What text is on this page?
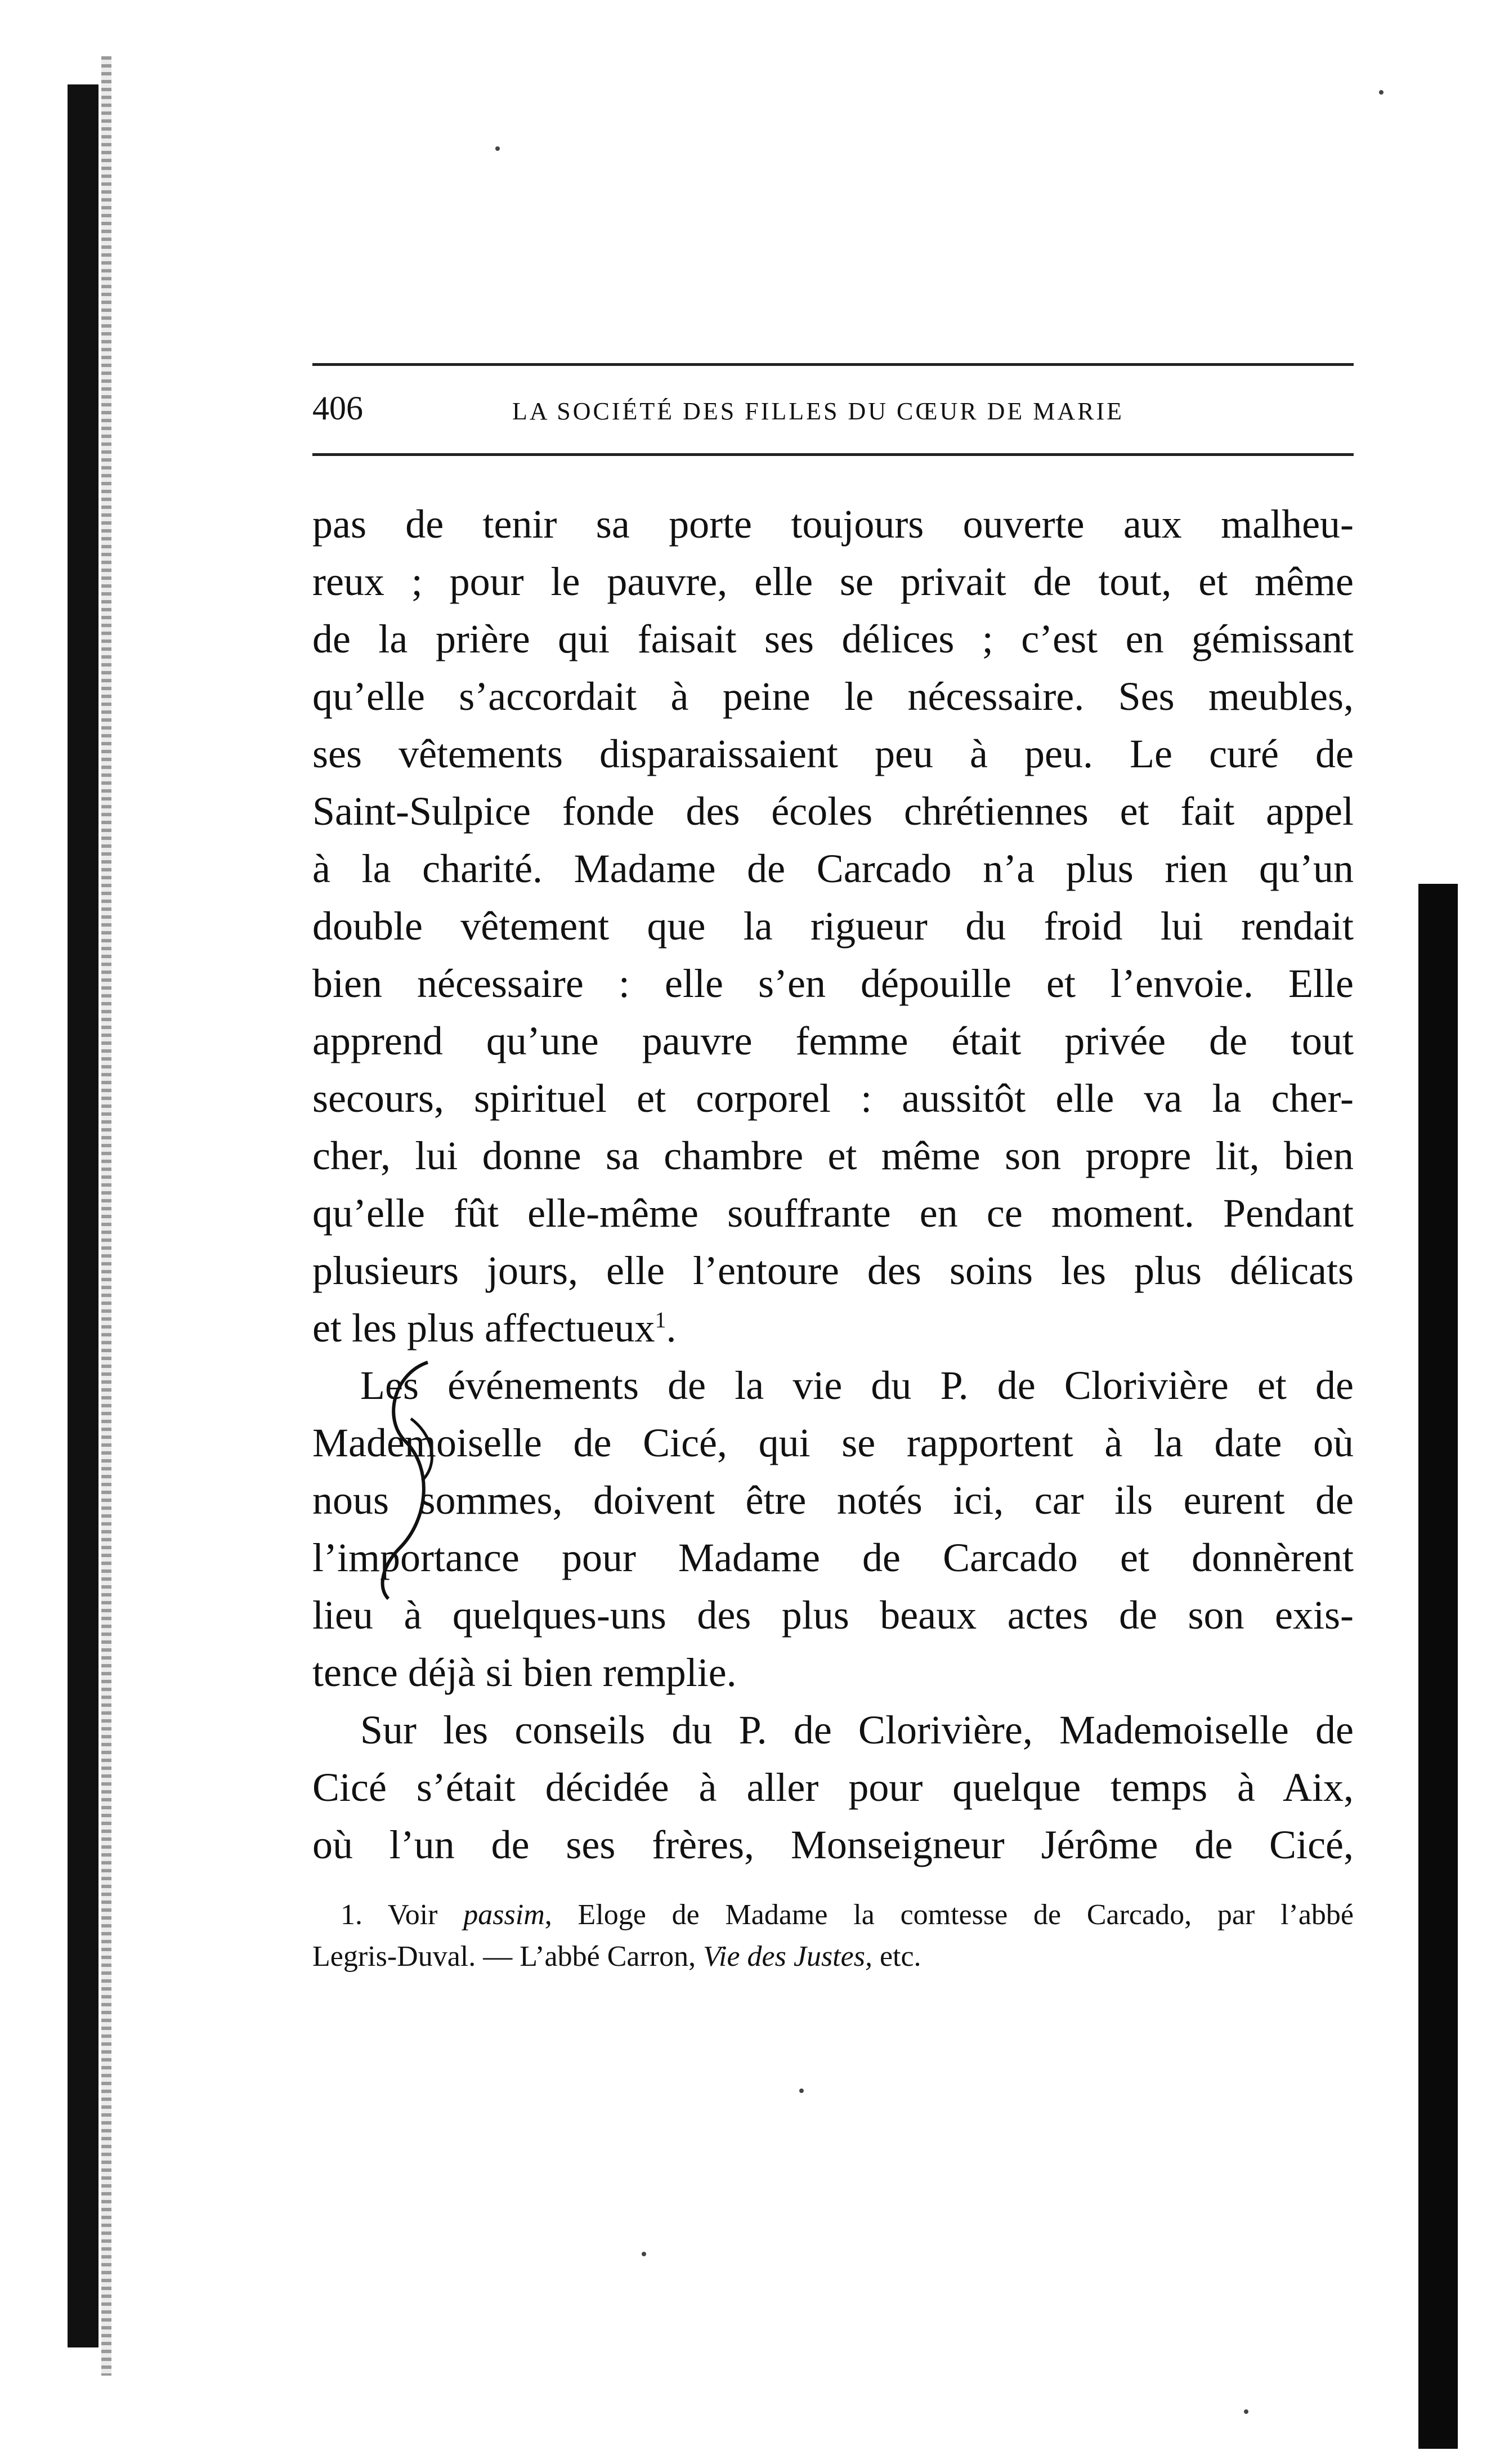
406	LA SOCIÉTÉ DES FILLES DU CŒUR DE MARIE
pas de tenir sa porte toujours ouverte aux malheu-
reux ; pour le pauvre, elle se privait de tout, et même
de la prière qui faisait ses délices ; c’est en gémissant
qu’elle s’accordait à peine le nécessaire. Ses meubles,
ses vêtements disparaissaient peu à peu. Le curé de
Saint-Sulpice fonde des écoles chrétiennes et fait appel
à la charité. Madame de Carcado n’a plus rien qu’un
double vêtement que la rigueur du froid lui rendait
bien nécessaire : elle s’en dépouille et l’envoie. Elle
apprend qu’une pauvre femme était privée de tout
secours, spirituel et corporel : aussitôt elle va la cher-
cher, lui donne sa chambre et même son propre lit, bien
qu’elle fût elle-même souffrante en ce moment. Pendant
plusieurs jours, elle l’entoure des soins les plus délicats
et les plus affectueux$^1$.
Les événements de la vie du P. de Clorivière et de
Mademoiselle de Cicé, qui se rapportent à la date où
nous sommes, doivent être notés ici, car ils eurent de
l’importance pour Madame de Carcado et donnèrent
lieu à quelques-uns des plus beaux actes de son exis-
tence déjà si bien remplie.
Sur les conseils du P. de Clorivière, Mademoiselle de
Cicé s’était décidée à aller pour quelque temps à Aix,
où l’un de ses frères, Monseigneur Jérôme de Cicé,
1. Voir passim, Eloge de Madame la comtesse de Carcado, par l’abbé
Legris-Duval. — L’abbé Carron, Vie des Justes, etc.
